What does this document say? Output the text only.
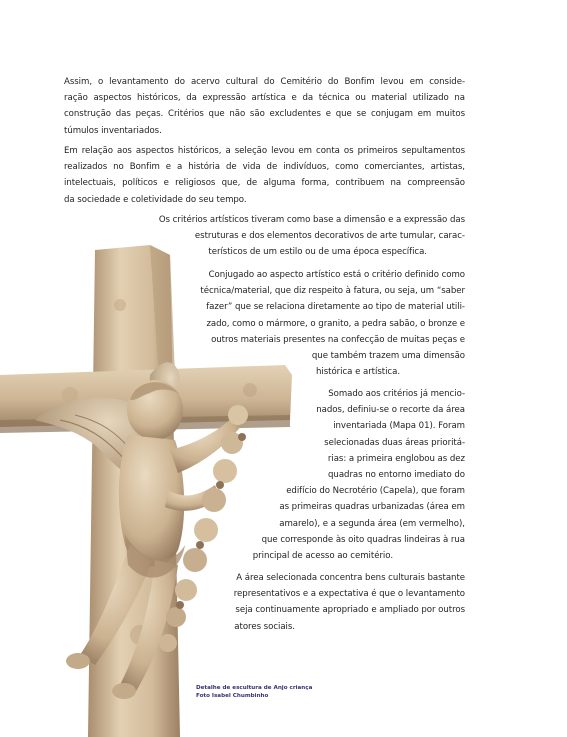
Assim, o levantamento do acervo cultural do Cemitério do Bonfim levou em conside-
ração aspectos históricos, da expressão artística e da técnica ou material utilizado na
construção das peças. Critérios que não são excludentes e que se conjugam em muitos
túmulos inventariados.
Em relação aos aspectos históricos, a seleção levou em conta os primeiros sepultamentos
realizados no Bonfim e a história de vida de indivíduos, como comerciantes, artistas,
intelectuais, políticos e religiosos que, de alguma forma, contribuem na compreensão
da sociedade e coletividade do seu tempo.
Os critérios artísticos tiveram como base a dimensão e a expressão das
estruturas e dos elementos decorativos de arte tumular, carac-
terísticos de um estilo ou de uma época específica.
Conjugado ao aspecto artístico está o critério definido como
técnica/material, que diz respeito à fatura, ou seja, um “saber
fazer” que se relaciona diretamente ao tipo de material utili-
zado, como o mármore, o granito, a pedra sabão, o bronze e
outros materiais presentes na confecção de muitas peças e
que também trazem uma dimensão
histórica e artística.
Somado aos critérios já mencio-
nados, definiu-se o recorte da área
inventariada (Mapa 01). Foram
selecionadas duas áreas prioritá-
rias: a primeira englobou as dez
quadras no entorno imediato do
edifício do Necrotério (Capela), que foram
as primeiras quadras urbanizadas (área em
amarelo), e a segunda área (em vermelho),
que corresponde às oito quadras lindeiras à rua
principal de acesso ao cemitério.
A área selecionada concentra bens culturais bastante
representativos e a expectativa é que o levantamento
seja continuamente apropriado e ampliado por outros
atores sociais.
Detalhe de escultura de Anjo criança
Foto Isabel Chumbinho
